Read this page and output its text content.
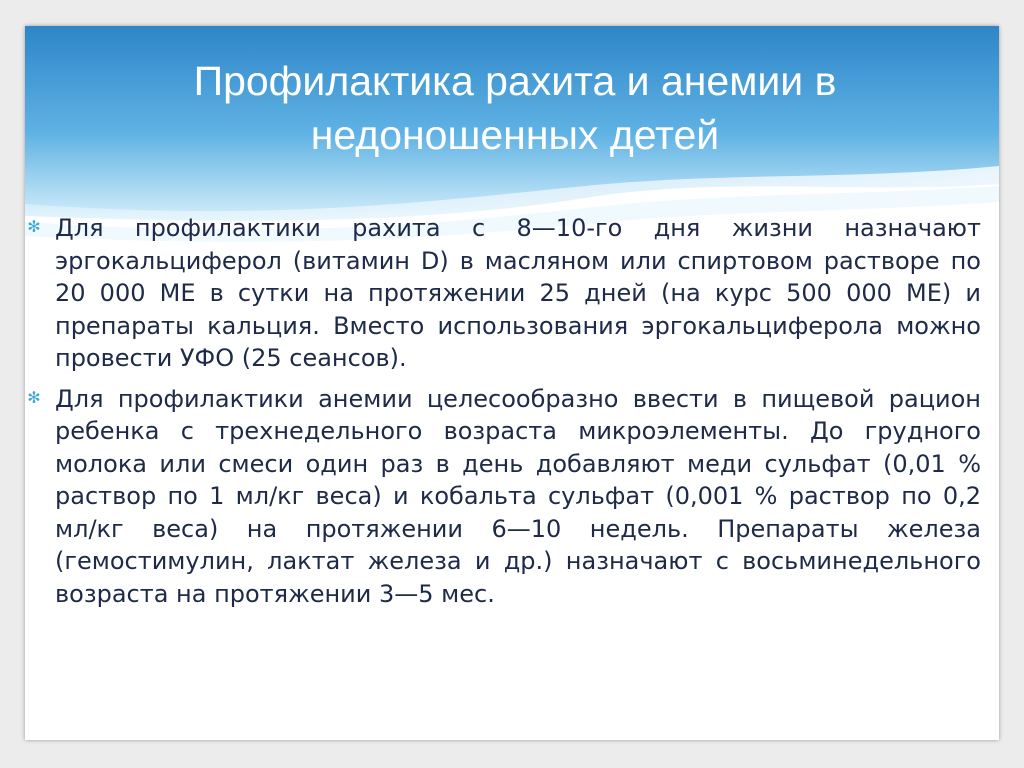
Профилактика рахита и анемии в недоношенных детей
✻ Для профилактики рахита с 8—10-го дня жизни назначают эргокальциферол (витамин D) в масляном или спиртовом растворе по 20 000 МЕ в сутки на протяжении 25 дней (на курс 500 000 МЕ) и препараты кальция. Вместо использования эргокальциферола можно провести УФО (25 сеансов).

✻ Для профилактики анемии целесообразно ввести в пищевой рацион ребенка с трехнедельного возраста микроэлементы. До грудного молока или смеси один раз в день добавляют меди сульфат (0,01 % раствор по 1 мл/кг веса) и кобальта сульфат (0,001 % раствор по 0,2 мл/кг веса) на протяжении 6—10 недель. Препараты железа (гемостимулин, лактат железа и др.) назначают с восьминедельного возраста на протяжении 3—5 мес.
